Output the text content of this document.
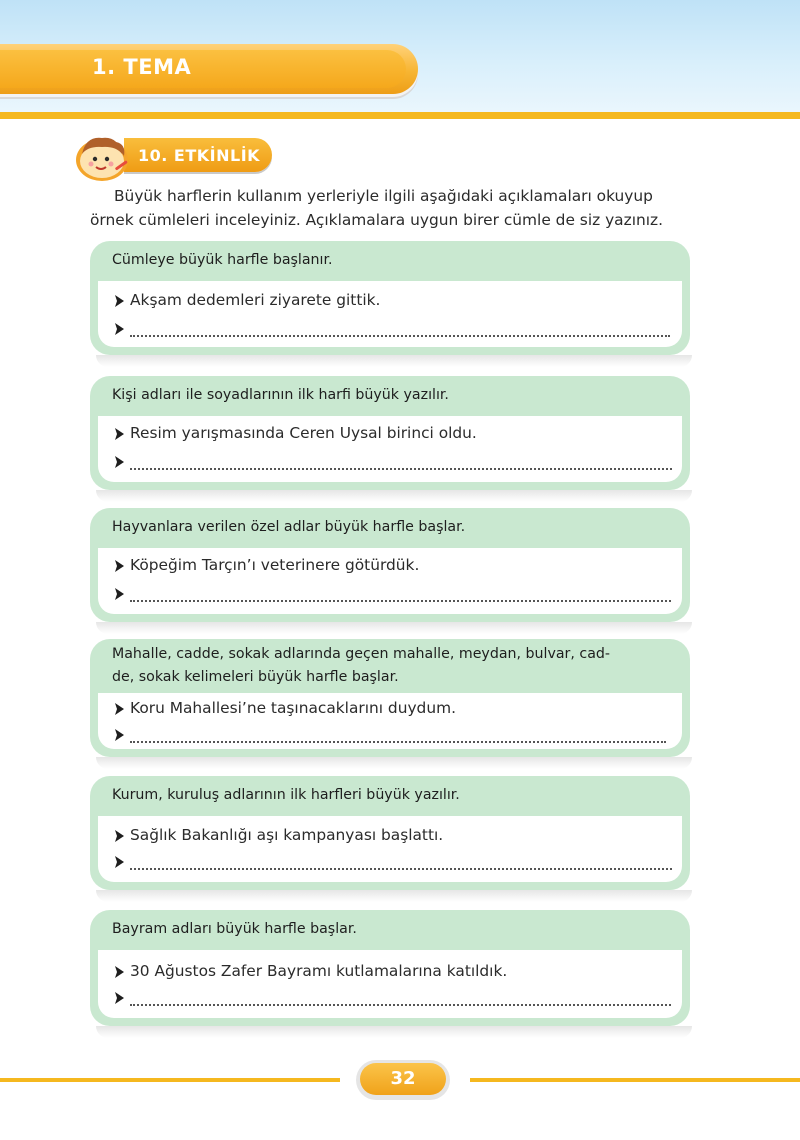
1. TEMA
10. ETKİNLİK
Büyük harflerin kullanım yerleriyle ilgili aşağıdaki açıklamaları okuyup
örnek cümleleri inceleyiniz. Açıklamalara uygun birer cümle de siz yazınız.
Cümleye büyük harfle başlanır.
Akşam dedemleri ziyarete gittik.
Kişi adları ile soyadlarının ilk harfi büyük yazılır.
Resim yarışmasında Ceren Uysal birinci oldu.
Hayvanlara verilen özel adlar büyük harfle başlar.
Köpeğim Tarçın’ı veterinere götürdük.
Mahalle, cadde, sokak adlarında geçen mahalle, meydan, bulvar, cad-
de, sokak kelimeleri büyük harfle başlar.
Koru Mahallesi’ne taşınacaklarını duydum.
Kurum, kuruluş adlarının ilk harfleri büyük yazılır.
Sağlık Bakanlığı aşı kampanyası başlattı.
Bayram adları büyük harfle başlar.
30 Ağustos Zafer Bayramı kutlamalarına katıldık.
32
